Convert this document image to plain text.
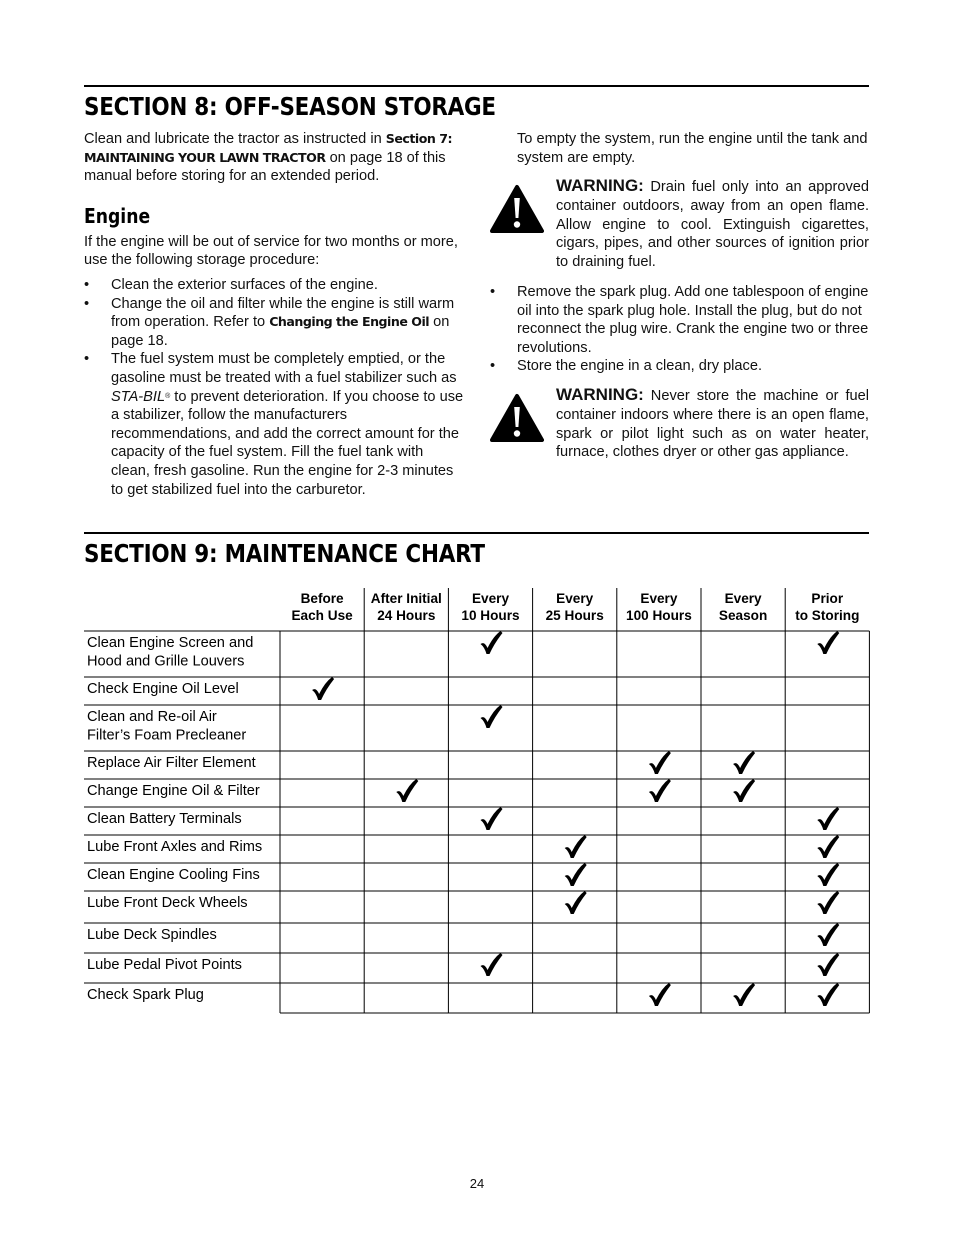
SECTION 8: OFF-SEASON STORAGE

Clean and lubricate the tractor as instructed in Section 7: MAINTAINING YOUR LAWN TRACTOR on page 18 of this manual before storing for an extended period.

Engine

If the engine will be out of service for two months or more, use the following storage procedure:

• Clean the exterior surfaces of the engine.
• Change the oil and filter while the engine is still warm from operation. Refer to Changing the Engine Oil on page 18.
• The fuel system must be completely emptied, or the gasoline must be treated with a fuel stabilizer such as STA-BIL® to prevent deterioration. If you choose to use a stabilizer, follow the manufacturers recommendations, and add the correct amount for the capacity of the fuel system. Fill the fuel tank with clean, fresh gasoline. Run the engine for 2-3 minutes to get stabilized fuel into the carburetor.

To empty the system, run the engine until the tank and system are empty.

WARNING: Drain fuel only into an approved container outdoors, away from an open flame. Allow engine to cool. Extinguish cigarettes, cigars, pipes, and other sources of ignition prior to draining fuel.
• Remove the spark plug. Add one tablespoon of engine oil into the spark plug hole. Install the plug, but do not reconnect the plug wire. Crank the engine two or three revolutions.
• Store the engine in a clean, dry place.
WARNING: Never store the machine or fuel container indoors where there is an open flame, spark or pilot light such as on water heater, furnace, clothes dryer or other gas appliance.
SECTION 9: MAINTENANCE CHART
Before
Each Use
After Initial
24 Hours
Every
10 Hours
Every
25 Hours
Every
100 Hours
Every
Season
Prior
to Storing
Clean Engine Screen and
Hood and Grille Louvers
Check Engine Oil Level
Clean and Re-oil Air
Filter’s Foam Precleaner
Replace Air Filter Element
Change Engine Oil & Filter
Clean Battery Terminals
Lube Front Axles and Rims
Clean Engine Cooling Fins
Lube Front Deck Wheels
Lube Deck Spindles
Lube Pedal Pivot Points
Check Spark Plug
24
